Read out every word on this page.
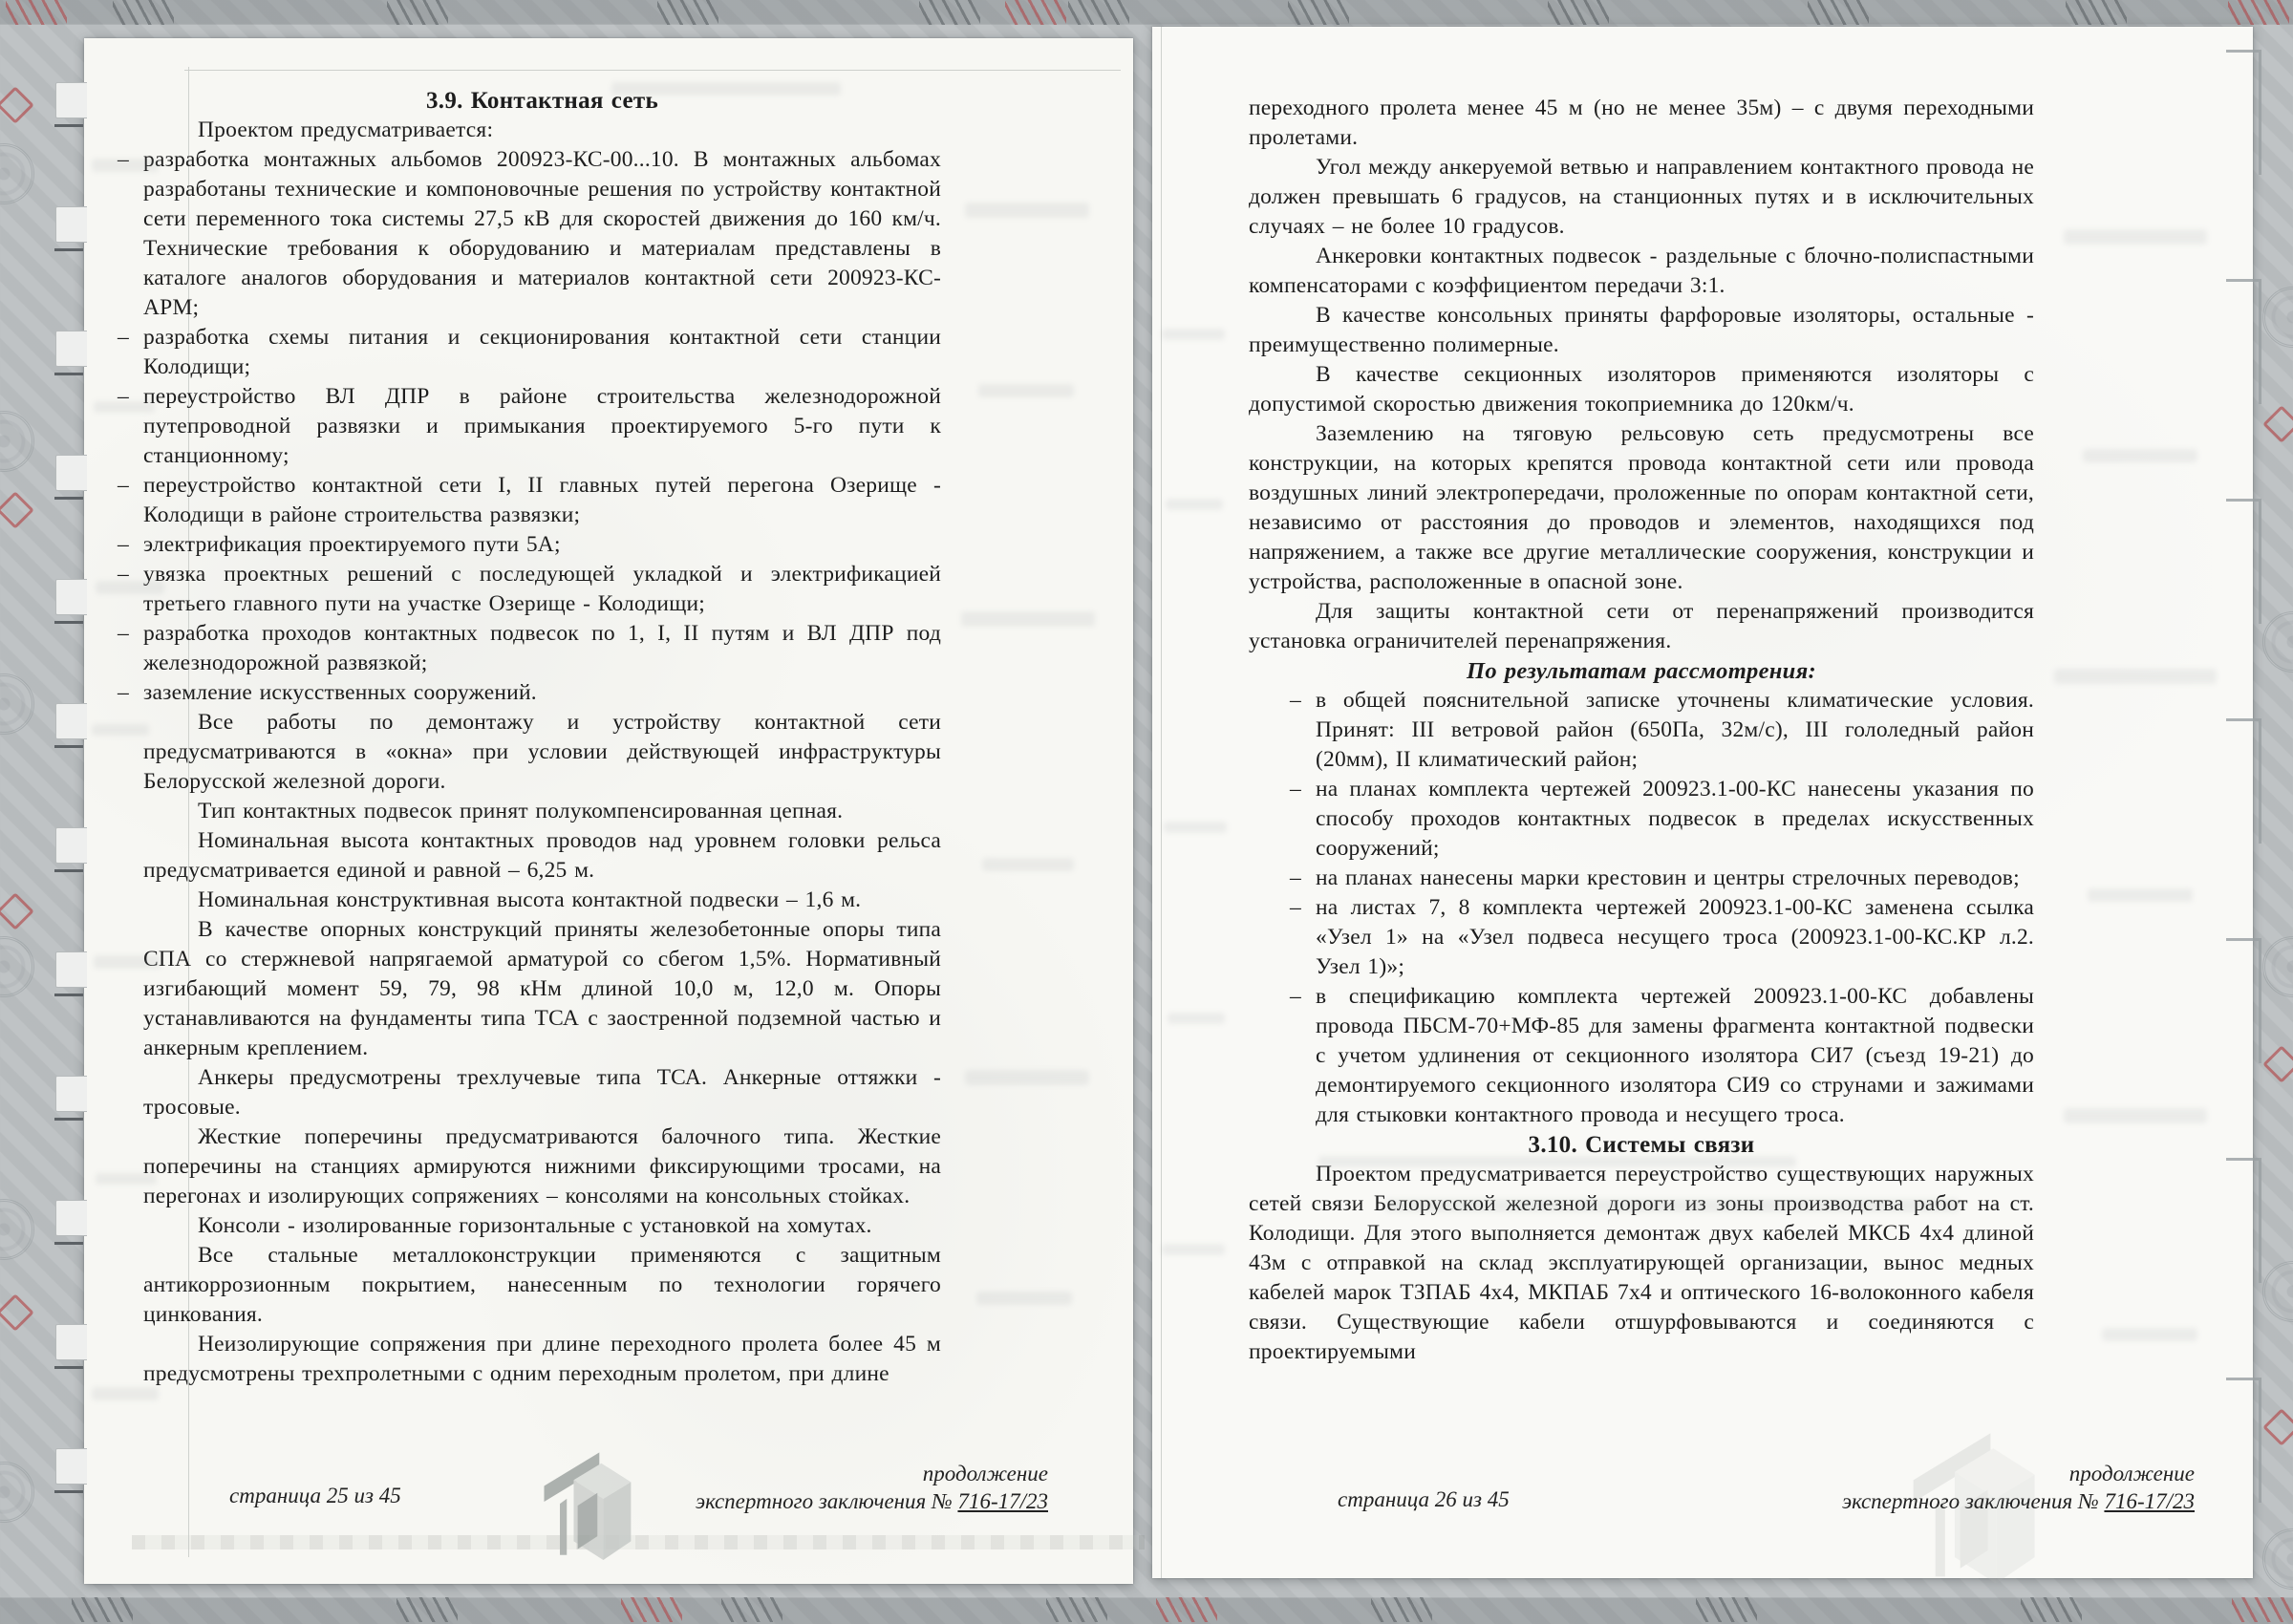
3.9. Контактная сеть

Проектом предусматривается:

– разработка монтажных альбомов 200923-КС-00...10. В монтажных альбомах разработаны технические и компоновочные решения по устройству контактной сети переменного тока системы 27,5 кВ для скоростей движения до 160 км/ч. Технические требования к оборудованию и материалам представлены в каталоге аналогов оборудования и материалов контактной сети 200923-КС-АРМ;
– разработка схемы питания и секционирования контактной сети станции Колодищи;
– переустройство ВЛ ДПР в районе строительства железнодорожной путепроводной развязки и примыкания проектируемого 5-го пути к станционному;
– переустройство контактной сети I, II главных путей перегона Озерище - Колодищи в районе строительства развязки;
– электрификация проектируемого пути 5А;
– увязка проектных решений с последующей укладкой и электрификацией третьего главного пути на участке Озерище - Колодищи;
– разработка проходов контактных подвесок по 1, I, II путям и ВЛ ДПР под железнодорожной развязкой;
– заземление искусственных сооружений.

Все работы по демонтажу и устройству контактной сети предусматриваются в «окна» при условии действующей инфраструктуры Белорусской железной дороги.

Тип контактных подвесок принят полукомпенсированная цепная.

Номинальная высота контактных проводов над уровнем головки рельса предусматривается единой и равной – 6,25 м.

Номинальная конструктивная высота контактной подвески – 1,6 м.

В качестве опорных конструкций приняты железобетонные опоры типа СПА со стержневой напрягаемой арматурой со сбегом 1,5%. Нормативный изгибающий момент 59, 79, 98 кНм длиной 10,0 м, 12,0 м. Опоры устанавливаются на фундаменты типа ТСА с заостренной подземной частью и анкерным креплением.

Анкеры предусмотрены трехлучевые типа ТСА. Анкерные оттяжки - тросовые.

Жесткие поперечины предусматриваются балочного типа. Жесткие поперечины на станциях армируются нижними фиксирующими тросами, на перегонах и изолирующих сопряжениях – консолями на консольных стойках.

Консоли - изолированные горизонтальные с установкой на хомутах.

Все стальные металлоконструкции применяются с защитным антикоррозионным покрытием, нанесенным по технологии горячего цинкования.

Неизолирующие сопряжения при длине переходного пролета более 45 м предусмотрены трехпролетными с одним переходным пролетом, при длине

страница 25 из 45
продолжение
экспертного заключения № 716-17/23

переходного пролета менее 45 м (но не менее 35м) – с двумя переходными пролетами.

Угол между анкеруемой ветвью и направлением контактного провода не должен превышать 6 градусов, на станционных путях и в исключительных случаях – не более 10 градусов.

Анкеровки контактных подвесок - раздельные с блочно-полиспастными компенсаторами с коэффициентом передачи 3:1.

В качестве консольных приняты фарфоровые изоляторы, остальные - преимущественно полимерные.

В качестве секционных изоляторов применяются изоляторы с допустимой скоростью движения токоприемника до 120км/ч.

Заземлению на тяговую рельсовую сеть предусмотрены все конструкции, на которых крепятся провода контактной сети или провода воздушных линий электропередачи, проложенные по опорам контактной сети, независимо от расстояния до проводов и элементов, находящихся под напряжением, а также все другие металлические сооружения, конструкции и устройства, расположенные в опасной зоне.

Для защиты контактной сети от перенапряжений производится установка ограничителей перенапряжения.

По результатам рассмотрения:
– в общей пояснительной записке уточнены климатические условия. Принят: III ветровой район (650Па, 32м/с), III гололедный район (20мм), II климатический район;
– на планах комплекта чертежей 200923.1-00-КС нанесены указания по способу проходов контактных подвесок в пределах искусственных сооружений;
– на планах нанесены марки крестовин и центры стрелочных переводов;
– на листах 7, 8 комплекта чертежей 200923.1-00-КС заменена ссылка «Узел 1» на «Узел подвеса несущего троса (200923.1-00-КС.КР л.2. Узел 1)»;
– в спецификацию комплекта чертежей 200923.1-00-КС добавлены провода ПБСМ-70+МФ-85 для замены фрагмента контактной подвески с учетом удлинения от секционного изолятора СИ7 (съезд 19-21) до демонтируемого секционного изолятора СИ9 со струнами и зажимами для стыковки контактного провода и несущего троса.
3.10. Системы связи

Проектом предусматривается переустройство существующих наружных сетей связи Белорусской железной дороги из зоны производства работ на ст. Колодищи. Для этого выполняется демонтаж двух кабелей МКСБ 4х4 длиной 43м с отправкой на склад эксплуатирующей организации, вынос медных кабелей марок ТЗПАБ 4х4, МКПАБ 7х4 и оптического 16-волоконного кабеля связи. Существующие кабели отшурфовываются и соединяются с проектируемыми

страница 26 из 45
продолжение
экспертного заключения № 716-17/23
